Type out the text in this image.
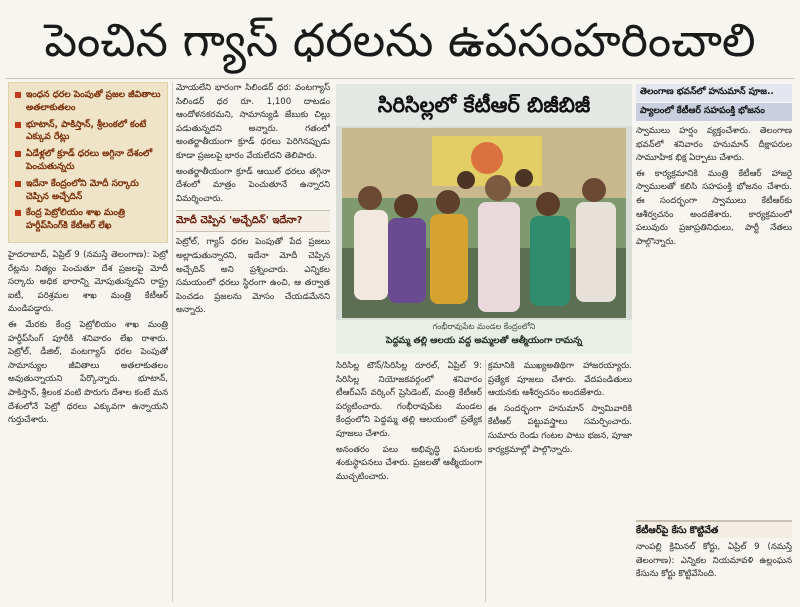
పెంచిన గ్యాస్ ధరలను ఉపసంహరించాలి
ఇంధన ధరల పెంపుతో ప్రజల జీవితాలు అతలాకుతలం
భూటాన్, పాకిస్తాన్, శ్రీలంకలో కంటే ఎక్కువ రేట్లు
ఏడేళ్లలో క్రూడ్ ధరలు అగ్గినా దేశంలో పెంచుతున్నరు
ఇదేనా కేంద్రంలోని మోదీ సర్కారు చెప్పిన అచ్చేదిన్
కేంద్ర పెట్రోలియం శాఖ మంత్రి హర్దీప్‌సింగ్‌కి కేటీఆర్ లేఖ

హైదరాబాద్, ఏప్రిల్ 9 (నమస్తే తెలంగాణ): పెట్రో రేట్లను నిత్యం పెంచుతూ దేశ ప్రజలపై మోదీ సర్కారు అధిక భారాన్ని మోపుతున్నదని రాష్ట్ర ఐటీ, పరిశ్రమల శాఖ మంత్రి కేటీఆర్ మండిపడ్డారు.

ఈ మేరకు కేంద్ర పెట్రోలియం శాఖ మంత్రి హర్దీప్‌సింగ్ పూరీకి శనివారం లేఖ రాశారు. పెట్రోల్, డీజిల్, వంటగ్యాస్ ధరల పెంపుతో సామాన్యుల జీవితాలు అతలాకుతలం అవుతున్నాయని పేర్కొన్నారు. భూటాన్, పాకిస్తాన్, శ్రీలంక వంటి పొరుగు దేశాల కంటే మన దేశంలోనే పెట్రో ధరలు ఎక్కువగా ఉన్నాయని గుర్తుచేశారు.

మోయలేని భారంగా సిలిండర్ ధర: వంటగ్యాస్ సిలిండర్ ధర రూ. 1,100 దాటడం ఆందోళనకరమని, సామాన్యుడి జేబుకు చిల్లు పడుతున్నదని అన్నారు. గతంలో అంతర్జాతీయంగా క్రూడ్ ధరలు పెరిగినప్పుడు కూడా ప్రజలపై భారం వేయలేదని తెలిపారు.

అంతర్జాతీయంగా క్రూడ్ ఆయిల్ ధరలు తగ్గినా దేశంలో మాత్రం పెంచుతూనే ఉన్నారని విమర్శించారు.

మోదీ చెప్పిన 'అచ్చేదిన్' ఇదేనా?

పెట్రోల్, గ్యాస్ ధరల పెంపుతో పేద ప్రజలు అల్లాడుతున్నారని, ఇదేనా మోదీ చెప్పిన అచ్చేదిన్ అని ప్రశ్నించారు. ఎన్నికల సమయంలో ధరలు స్థిరంగా ఉంచి, ఆ తర్వాత పెంచడం ప్రజలను మోసం చేయడమేనని అన్నారు.

సిరిసిల్లలో కేటీఆర్ బిజీబిజీ
గంభీరావుపేట మండల కేంద్రంలోని
పెద్దమ్మ తల్లి ఆలయ వద్ద అమ్మలతో ఆత్మీయంగా రామన్న

సిరిసిల్ల టౌన్/సిరిసిల్ల రూరల్, ఏప్రిల్ 9: సిరిసిల్ల నియోజకవర్గంలో శనివారం టీఆర్ఎస్ వర్కింగ్ ప్రెసిడెంట్, మంత్రి కేటీఆర్ పర్యటించారు. గంభీరావుపేట మండల కేంద్రంలోని పెద్దమ్మ తల్లి ఆలయంలో ప్రత్యేక పూజలు చేశారు.

అనంతరం పలు అభివృద్ధి పనులకు శంకుస్థాపనలు చేశారు. ప్రజలతో ఆత్మీయంగా ముచ్చటించారు.

క్రమానికి ముఖ్యఅతిథిగా హాజరయ్యారు. ప్రత్యేక పూజలు చేశారు. వేదపండితులు ఆయనకు ఆశీర్వచనం అందజేశారు.

ఈ సందర్భంగా హనుమాన్ స్వామివారికి కేటీఆర్ పట్టువస్త్రాలు సమర్పించారు. సుమారు రెండు గంటల పాటు భజన, పూజా కార్యక్రమాల్లో పాల్గొన్నారు.

తెలంగాణ భవన్‌లో హనుమాన్ పూజ..
ప్యాలంలో కేటీఆర్ సహపంక్తి భోజనం

స్వాములు హర్షం వ్యక్తంచేశారు. తెలంగాణ భవన్‌లో శనివారం హనుమాన్ దీక్షాపరుల సామూహిక భిక్ష ఏర్పాటు చేశారు.

ఈ కార్యక్రమానికి మంత్రి కేటీఆర్ హాజరై స్వాములతో కలిసి సహపంక్తి భోజనం చేశారు. ఈ సందర్భంగా స్వాములు కేటీఆర్‌కు ఆశీర్వచనం అందజేశారు. కార్యక్రమంలో పలువురు ప్రజాప్రతినిధులు, పార్టీ నేతలు పాల్గొన్నారు.

కేటీఆర్‌పై కేసు కొట్టివేత

నాంపల్లి క్రిమినల్ కోర్టు, ఏప్రిల్ 9 (నమస్తే తెలంగాణ): ఎన్నికల నియమావళి ఉల్లంఘన కేసును కోర్టు కొట్టివేసింది.
